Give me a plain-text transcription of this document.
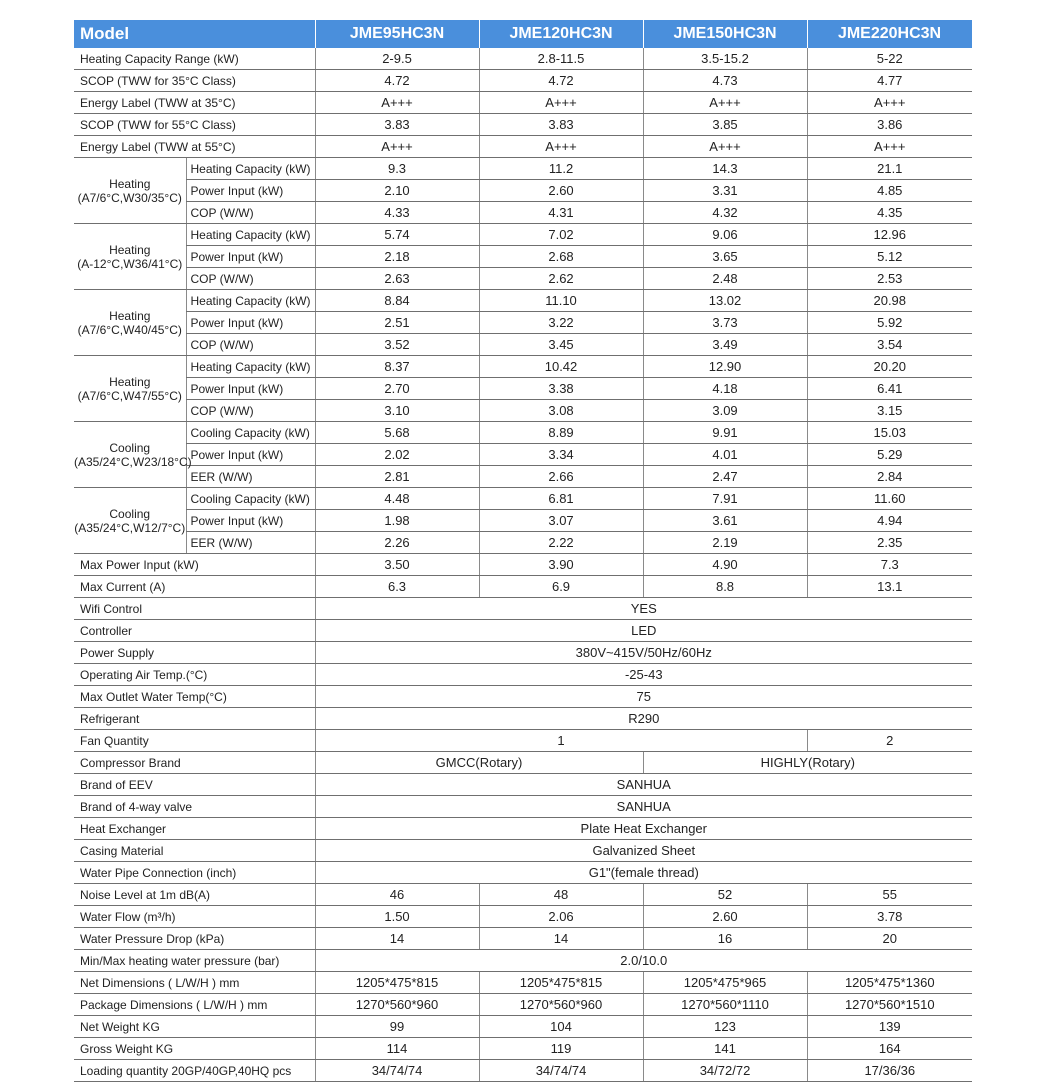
Model		JME95HC3N	JME120HC3N	JME150HC3N	JME220HC3N
Heating Capacity Range (kW)		2-9.5	2.8-11.5	3.5-15.2	5-22
SCOP (TWW for 35°C Class)		4.72	4.72	4.73	4.77
Energy Label (TWW at 35°C)		A+++	A+++	A+++	A+++
SCOP (TWW for 55°C Class)		3.83	3.83	3.85	3.86
Energy Label (TWW at 55°C)		A+++	A+++	A+++	A+++

Heating
(A7/6°C,W30/35°C)	Heating Capacity (kW)	9.3	11.2	14.3	21.1
	Power Input (kW)	2.10	2.60	3.31	4.85
	COP (W/W)	4.33	4.31	4.32	4.35

Heating
(A-12°C,W36/41°C)	Heating Capacity (kW)	5.74	7.02	9.06	12.96
	Power Input (kW)	2.18	2.68	3.65	5.12
	COP (W/W)	2.63	2.62	2.48	2.53

Heating
(A7/6°C,W40/45°C)	Heating Capacity (kW)	8.84	11.10	13.02	20.98
	Power Input (kW)	2.51	3.22	3.73	5.92
	COP (W/W)	3.52	3.45	3.49	3.54

Heating
(A7/6°C,W47/55°C)	Heating Capacity (kW)	8.37	10.42	12.90	20.20
	Power Input (kW)	2.70	3.38	4.18	6.41
	COP (W/W)	3.10	3.08	3.09	3.15

Cooling
(A35/24°C,W23/18°C)	Cooling Capacity (kW)	5.68	8.89	9.91	15.03
	Power Input (kW)	2.02	3.34	4.01	5.29
	EER (W/W)	2.81	2.66	2.47	2.84

Cooling
(A35/24°C,W12/7°C)	Cooling Capacity (kW)	4.48	6.81	7.91	11.60
	Power Input (kW)	1.98	3.07	3.61	4.94
	EER (W/W)	2.26	2.22	2.19	2.35
Max Power Input (kW)		3.50	3.90	4.90	7.3
Max Current (A)		6.3	6.9	8.8	13.1
Wifi Control		YES			
Controller		LED			
Power Supply		380V~415V/50Hz/60Hz			
Operating Air Temp.(°C)		-25-43			
Max Outlet Water Temp(°C)		75			
Refrigerant		R290			
Fan Quantity		1			2
Compressor Brand		GMCC(Rotary)		HIGHLY(Rotary)	
Brand of EEV		SANHUA			
Brand of 4-way valve		SANHUA			
Heat Exchanger		Plate Heat Exchanger			
Casing Material		Galvanized Sheet			
Water Pipe Connection (inch)		G1"(female thread)			
Noise Level at 1m dB(A)		46	48	52	55
Water Flow (m³/h)		1.50	2.06	2.60	3.78
Water Pressure Drop (kPa)		14	14	16	20
Min/Max heating water pressure (bar)		2.0/10.0			
Net Dimensions ( L/W/H ) mm		1205*475*815	1205*475*815	1205*475*965	1205*475*1360
Package Dimensions ( L/W/H ) mm		1270*560*960	1270*560*960	1270*560*1110	1270*560*1510
Net Weight KG		99	104	123	139
Gross Weight KG		114	119	141	164
Loading quantity 20GP/40GP,40HQ pcs		34/74/74	34/74/74	34/72/72	17/36/36
